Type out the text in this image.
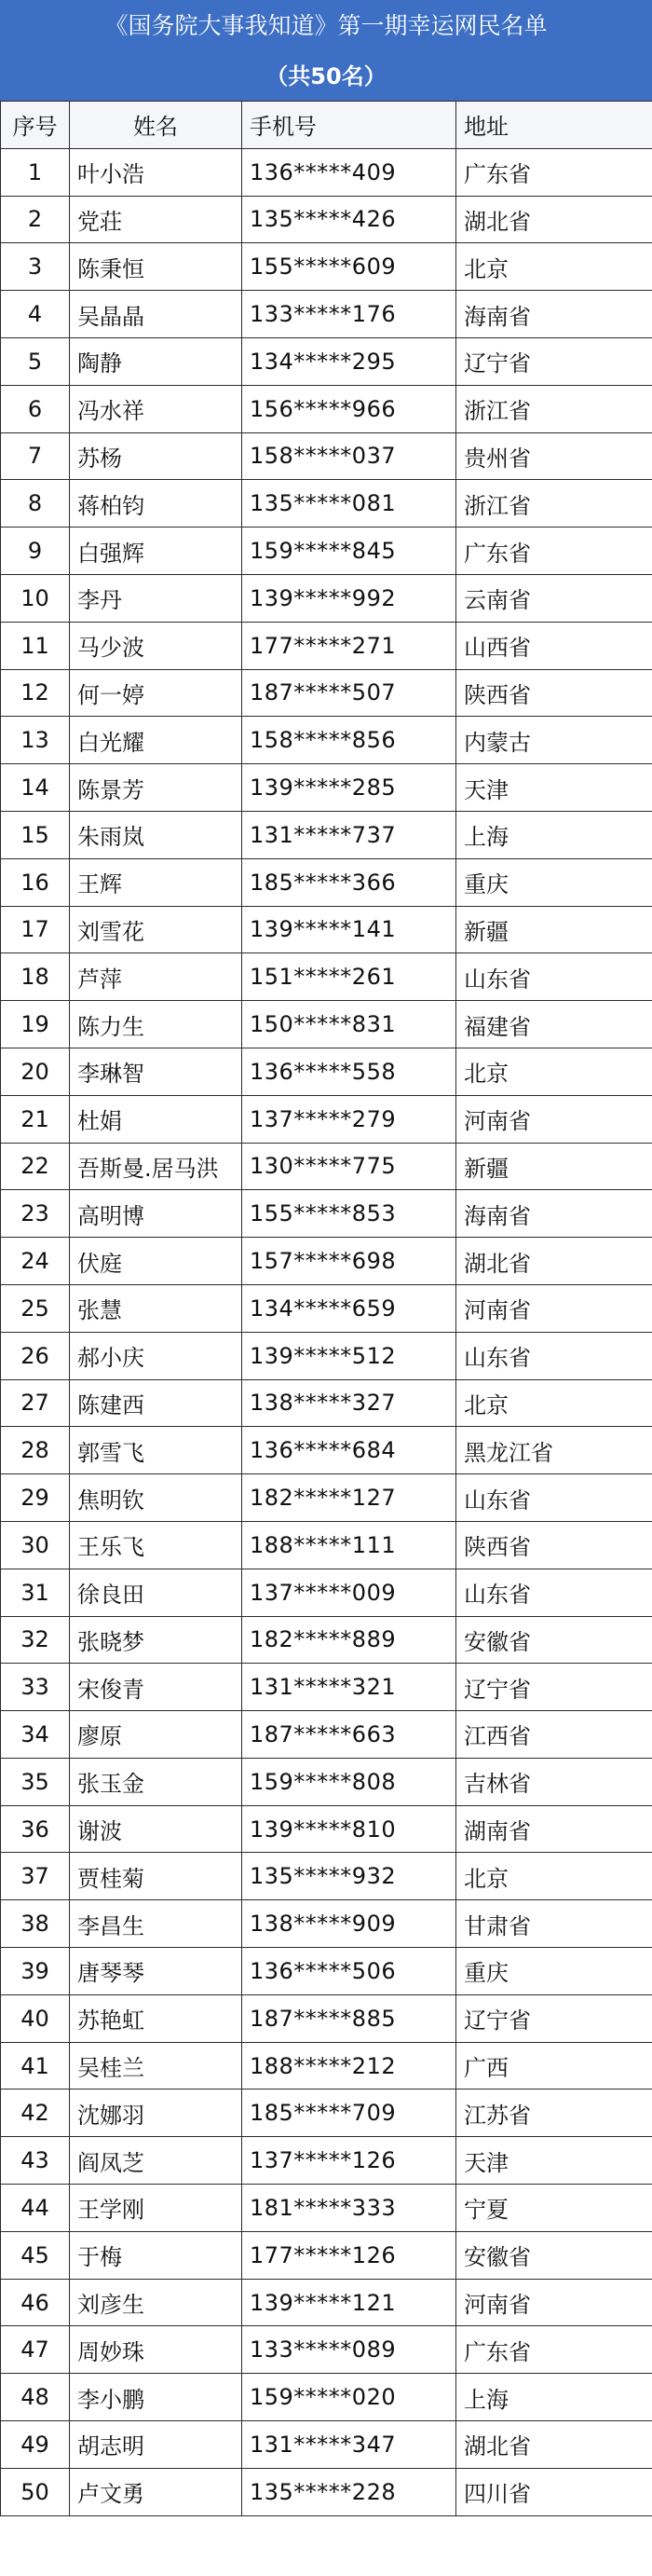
《国务院大事我知道》第一期幸运网民名单
（共50名）
序号	姓名	手机号	地址
1	叶小浩	136*****409	广东省
2	党荘	135*****426	湖北省
3	陈秉恒	155*****609	北京
4	吴晶晶	133*****176	海南省
5	陶静	134*****295	辽宁省
6	冯水祥	156*****966	浙江省
7	苏杨	158*****037	贵州省
8	蒋柏钧	135*****081	浙江省
9	白强辉	159*****845	广东省
10	李丹	139*****992	云南省
11	马少波	177*****271	山西省
12	何一婷	187*****507	陕西省
13	白光耀	158*****856	内蒙古
14	陈景芳	139*****285	天津
15	朱雨岚	131*****737	上海
16	王辉	185*****366	重庆
17	刘雪花	139*****141	新疆
18	芦萍	151*****261	山东省
19	陈力生	150*****831	福建省
20	李琳智	136*****558	北京
21	杜娟	137*****279	河南省
22	吾斯曼.居马洪	130*****775	新疆
23	高明博	155*****853	海南省
24	伏庭	157*****698	湖北省
25	张慧	134*****659	河南省
26	郝小庆	139*****512	山东省
27	陈建西	138*****327	北京
28	郭雪飞	136*****684	黑龙江省
29	焦明钦	182*****127	山东省
30	王乐飞	188*****111	陕西省
31	徐良田	137*****009	山东省
32	张晓梦	182*****889	安徽省
33	宋俊青	131*****321	辽宁省
34	廖原	187*****663	江西省
35	张玉金	159*****808	吉林省
36	谢波	139*****810	湖南省
37	贾桂菊	135*****932	北京
38	李昌生	138*****909	甘肃省
39	唐琴琴	136*****506	重庆
40	苏艳虹	187*****885	辽宁省
41	吴桂兰	188*****212	广西
42	沈娜羽	185*****709	江苏省
43	阎凤芝	137*****126	天津
44	王学刚	181*****333	宁夏
45	于梅	177*****126	安徽省
46	刘彦生	139*****121	河南省
47	周妙珠	133*****089	广东省
48	李小鹏	159*****020	上海
49	胡志明	131*****347	湖北省
50	卢文勇	135*****228	四川省
